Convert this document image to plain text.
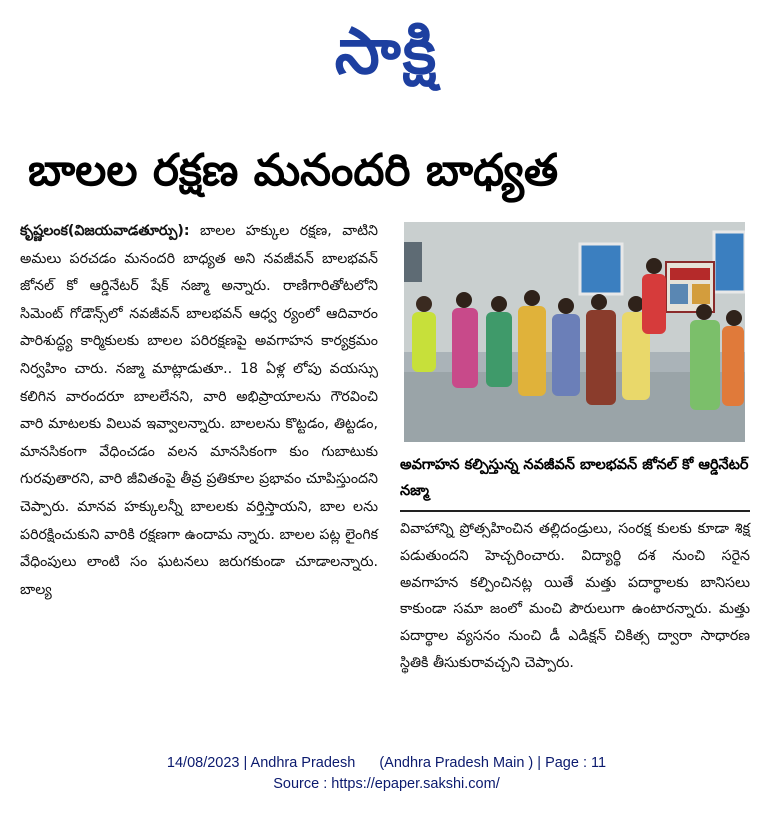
సాక్షి
బాలల రక్షణ మనందరి బాధ్యత

కృష్ణలంక(విజయవాడతూర్పు): బాలల హక్కుల రక్షణ, వాటిని అమలు పరచడం మనందరి బాధ్యత అని నవజీవన్ బాలభవన్ జోనల్ కో ఆర్డినేటర్ షేక్ నజ్మా అన్నారు. రాణిగారితోటలోని సిమెంట్ గోడౌన్స్‌లో నవజీవన్ బాలభవన్ ఆధ్వ ర్యంలో ఆదివారం పారిశుద్ధ్య కార్మికులకు బాలల పరిరక్షణపై అవగాహన కార్యక్రమం నిర్వహిం చారు. నజ్మా మాట్లాడుతూ.. 18 ఏళ్ల లోపు వయస్సు కలిగిన వారందరూ బాలలేనని, వారి అభిప్రాయాలను గౌరవించి వారి మాటలకు విలువ ఇవ్వాలన్నారు. బాలలను కొట్టడం, తిట్టడం, మానసికంగా వేధించడం వలన మానసికంగా కుం గుబాటుకు గురవుతారని, వారి జీవితంపై తీవ్ర ప్రతికూల ప్రభావం చూపిస్తుందని చెప్పారు. మానవ హక్కులన్నీ బాలలకు వర్తిస్తాయని, బాల లను పరిరక్షించుకుని వారికి రక్షణగా ఉందామ న్నారు. బాలల పట్ల లైంగిక వేధింపులు లాంటి సం ఘటనలు జరుగకుండా చూడాలన్నారు. బాల్య

అవగాహన కల్పిస్తున్న నవజీవన్ బాలభవన్ జోనల్ కో ఆర్డినేటర్ నజ్మా

వివాహాన్ని ప్రోత్సహించిన తల్లిదండ్రులు, సంరక్ష కులకు కూడా శిక్ష పడుతుందని హెచ్చరించారు. విద్యార్థి దశ నుంచి సరైన అవగాహన కల్పించినట్ల యితే మత్తు పదార్థాలకు బానిసలు కాకుండా సమా జంలో మంచి పౌరులుగా ఉంటారన్నారు. మత్తు పదార్థాల వ్యసనం నుంచి డీ ఎడిక్షన్ చికిత్స ద్వారా సాధారణ స్థితికి తీసుకురావచ్చని చెప్పారు.

14/08/2023 | Andhra Pradesh (Andhra Pradesh Main ) | Page : 11
Source : https://epaper.sakshi.com/
